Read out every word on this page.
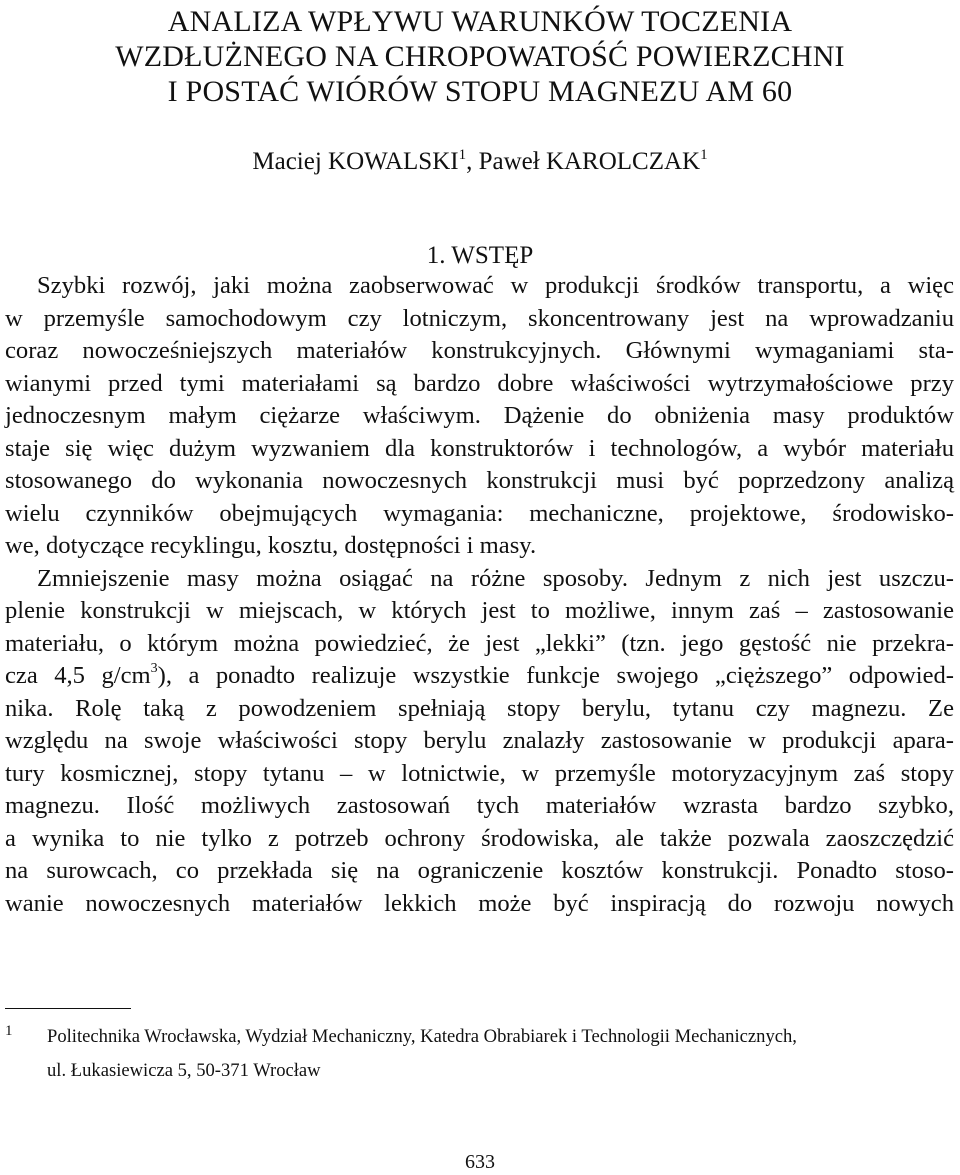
ANALIZA WPŁYWU WARUNKÓW TOCZENIA
WZDŁUŻNEGO NA CHROPOWATOŚĆ POWIERZCHNI
I POSTAĆ WIÓRÓW STOPU MAGNEZU AM 60
Maciej KOWALSKI$^1$, Paweł KAROLCZAK$^1$
1. WSTĘP
Szybki rozwój, jaki można zaobserwować w produkcji środków transportu, a więc
w przemyśle samochodowym czy lotniczym, skoncentrowany jest na wprowadzaniu
coraz nowocześniejszych materiałów konstrukcyjnych. Głównymi wymaganiami sta-
wianymi przed tymi materiałami są bardzo dobre właściwości wytrzymałościowe przy
jednoczesnym małym ciężarze właściwym. Dążenie do obniżenia masy produktów
staje się więc dużym wyzwaniem dla konstruktorów i technologów, a wybór materiału
stosowanego do wykonania nowoczesnych konstrukcji musi być poprzedzony analizą
wielu czynników obejmujących wymagania: mechaniczne, projektowe, środowisko-
we, dotyczące recyklingu, kosztu, dostępności i masy.
Zmniejszenie masy można osiągać na różne sposoby. Jednym z nich jest uszczu-
plenie konstrukcji w miejscach, w których jest to możliwe, innym zaś – zastosowanie
materiału, o którym można powiedzieć, że jest „lekki” (tzn. jego gęstość nie przekra-
cza 4,5 $g/cm^3$), a ponadto realizuje wszystkie funkcje swojego „cięższego” odpowied-
nika. Rolę taką z powodzeniem spełniają stopy berylu, tytanu czy magnezu. Ze
względu na swoje właściwości stopy berylu znalazły zastosowanie w produkcji apara-
tury kosmicznej, stopy tytanu – w lotnictwie, w przemyśle motoryzacyjnym zaś stopy
magnezu. Ilość możliwych zastosowań tych materiałów wzrasta bardzo szybko,
a wynika to nie tylko z potrzeb ochrony środowiska, ale także pozwala zaoszczędzić
na surowcach, co przekłada się na ograniczenie kosztów konstrukcji. Ponadto stoso-
wanie nowoczesnych materiałów lekkich może być inspiracją do rozwoju nowych
1	Politechnika Wrocławska, Wydział Mechaniczny, Katedra Obrabiarek i Technologii Mechanicznych,
ul. Łukasiewicza 5, 50-371 Wrocław
633
